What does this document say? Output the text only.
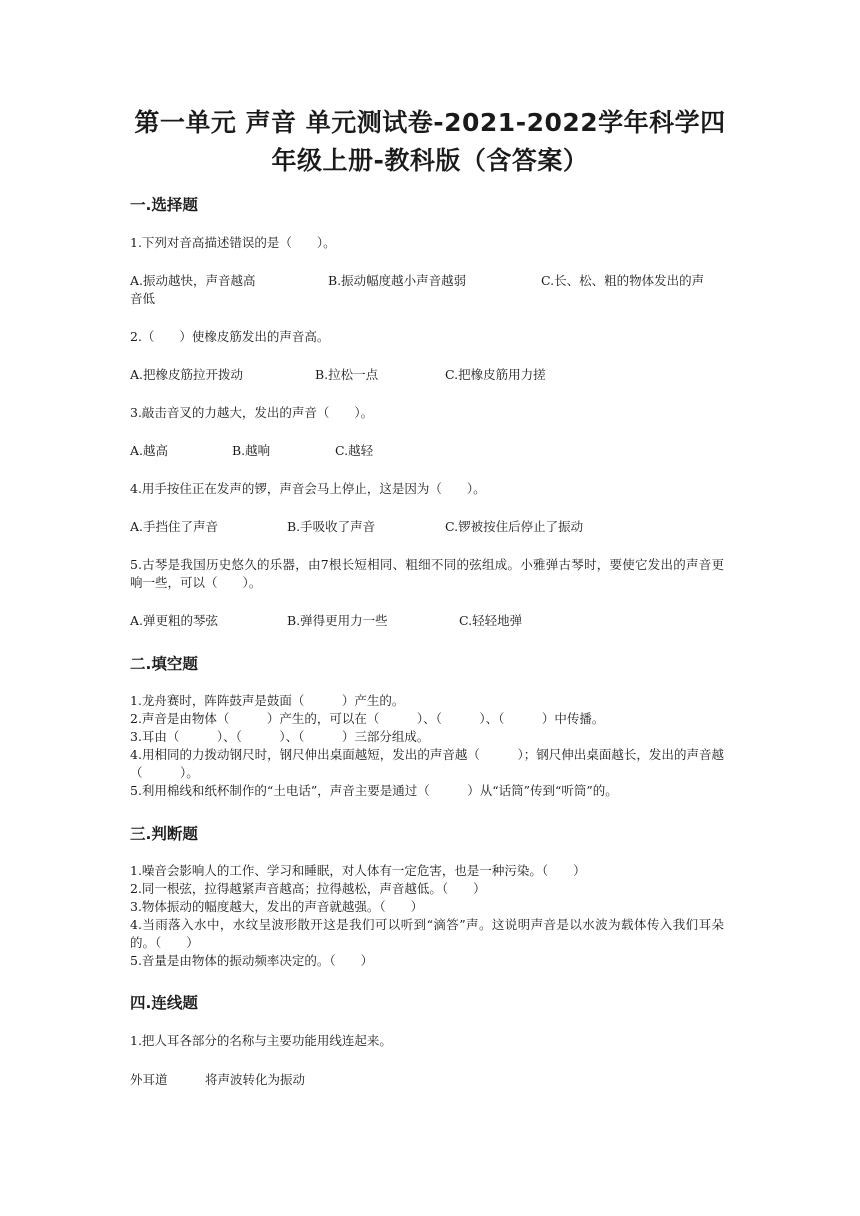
第一单元 声音 单元测试卷-2021-2022学年科学四
年级上册-教科版（含答案）
一.选择题
1.下列对音高描述错误的是（　　）。
A.振动越快，声音越高	B.振动幅度越小声音越弱	C.长、松、粗的物体发出的声
音低
2.（　　）使橡皮筋发出的声音高。
A.把橡皮筋拉开拨动	B.拉松一点	C.把橡皮筋用力搓
3.敲击音叉的力越大，发出的声音（　　）。
A.越高	B.越响	C.越轻
4.用手按住正在发声的锣，声音会马上停止，这是因为（　　）。
A.手挡住了声音	B.手吸收了声音	C.锣被按住后停止了振动
5.古琴是我国历史悠久的乐器，由7根长短相同、粗细不同的弦组成。小雅弹古琴时，要使它发出的声音更响一些，可以（　　）。
A.弹更粗的琴弦	B.弹得更用力一些	C.轻轻地弹
二.填空题
1.龙舟赛时，阵阵鼓声是鼓面（　　　）产生的。
2.声音是由物体（　　　）产生的，可以在（　　　）、（　　　）、（　　　）中传播。
3.耳由（　　　）、（　　　）、（　　　）三部分组成。
4.用相同的力拨动钢尺时，钢尺伸出桌面越短，发出的声音越（　　　）；钢尺伸出桌面越长，发出的声音越（　　　）。
5.利用棉线和纸杯制作的“土电话”，声音主要是通过（　　　）从“话筒”传到“听筒”的。
三.判断题
1.噪音会影响人的工作、学习和睡眠，对人体有一定危害，也是一种污染。（　　）
2.同一根弦，拉得越紧声音越高；拉得越松，声音越低。（　　）
3.物体振动的幅度越大，发出的声音就越强。（　　）
4.当雨落入水中，水纹呈波形散开这是我们可以听到“滴答”声。这说明声音是以水波为载体传入我们耳朵的。（　　）
5.音量是由物体的振动频率决定的。（　　）
四.连线题
1.把人耳各部分的名称与主要功能用线连起来。
外耳道	将声波转化为振动
